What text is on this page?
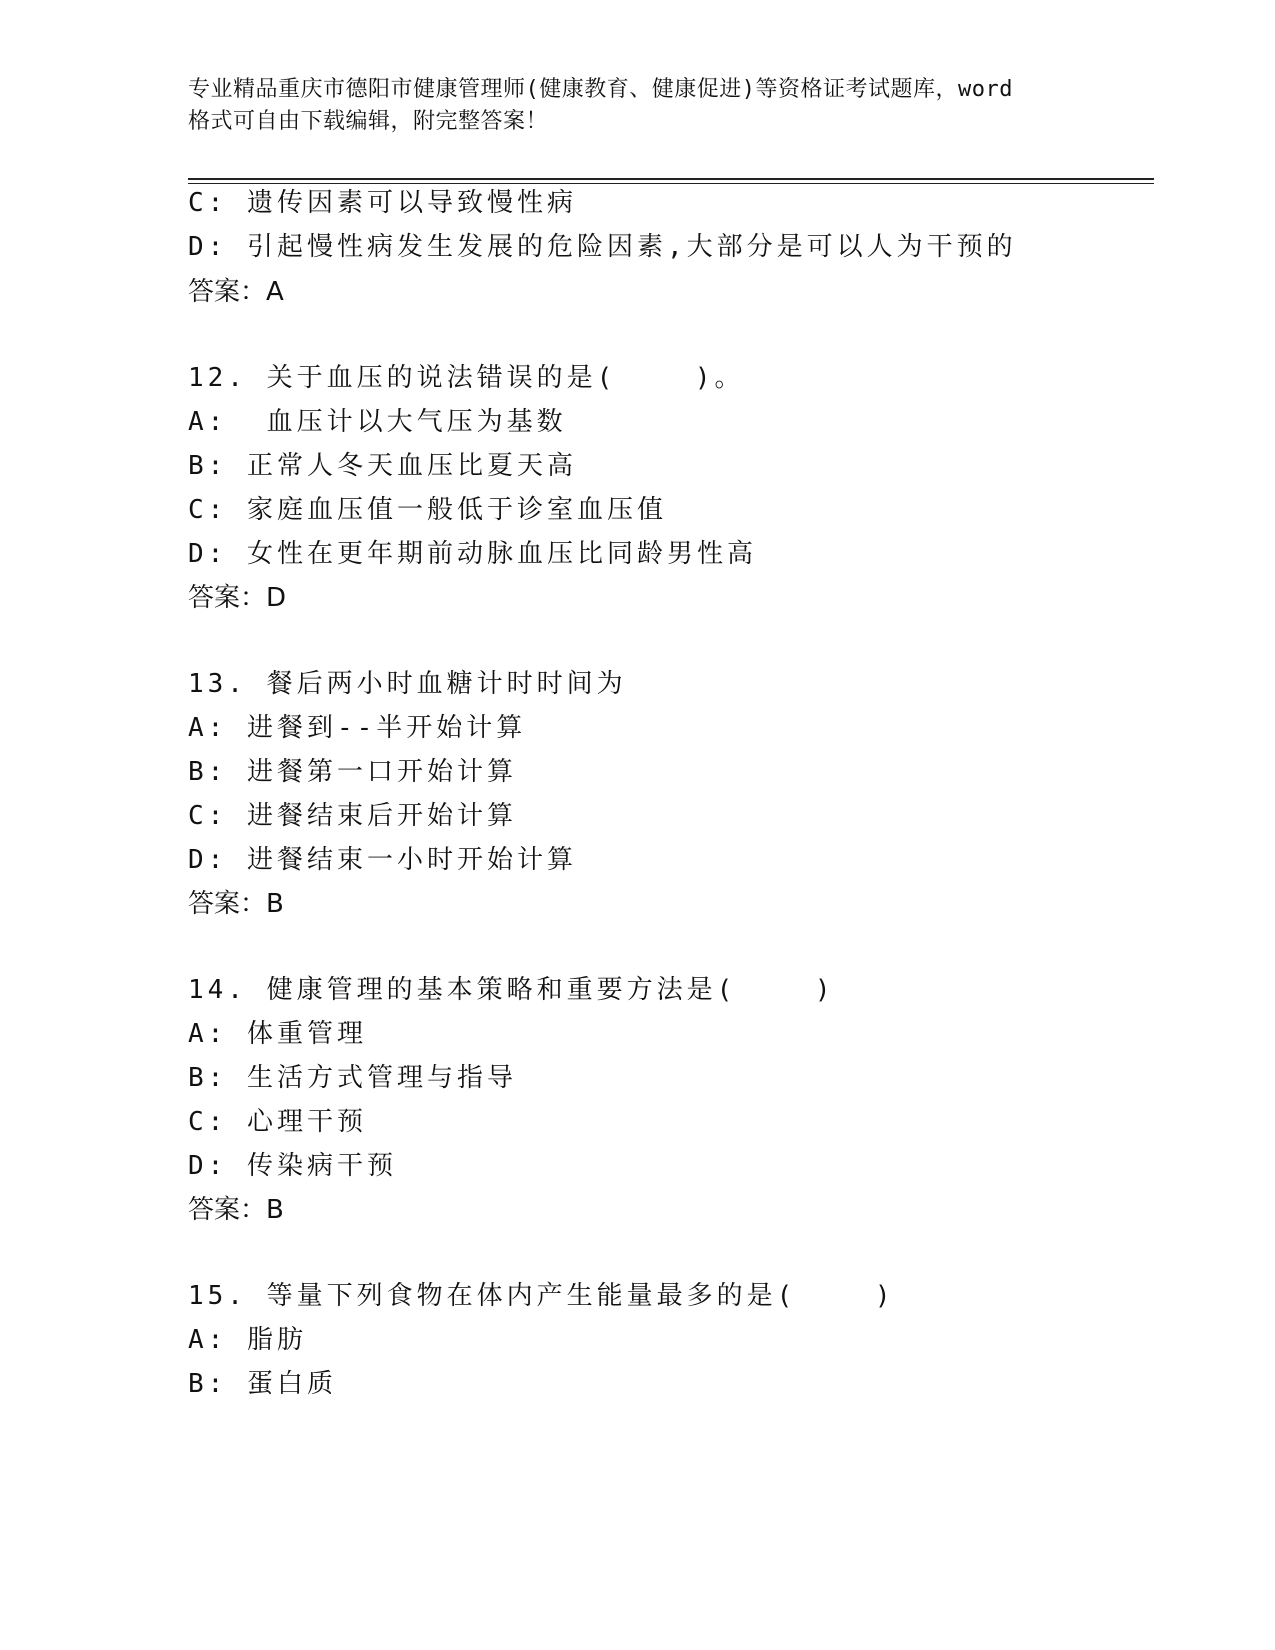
专业精品重庆市德阳市健康管理师(健康教育、健康促进)等资格证考试题库，word
格式可自由下载编辑，附完整答案！
C: 遗传因素可以导致慢性病
D: 引起慢性病发生发展的危险因素,大部分是可以人为干预的
答案：A
12. 关于血压的说法错误的是(    )。
A:  血压计以大气压为基数
B: 正常人冬天血压比夏天高
C: 家庭血压值一般低于诊室血压值
D: 女性在更年期前动脉血压比同龄男性高
答案：D
13. 餐后两小时血糖计时时间为
A: 进餐到--半开始计算
B: 进餐第一口开始计算
C: 进餐结束后开始计算
D: 进餐结束一小时开始计算
答案：B
14. 健康管理的基本策略和重要方法是(    )
A: 体重管理
B: 生活方式管理与指导
C: 心理干预
D: 传染病干预
答案：B
15. 等量下列食物在体内产生能量最多的是(    )
A: 脂肪
B: 蛋白质
